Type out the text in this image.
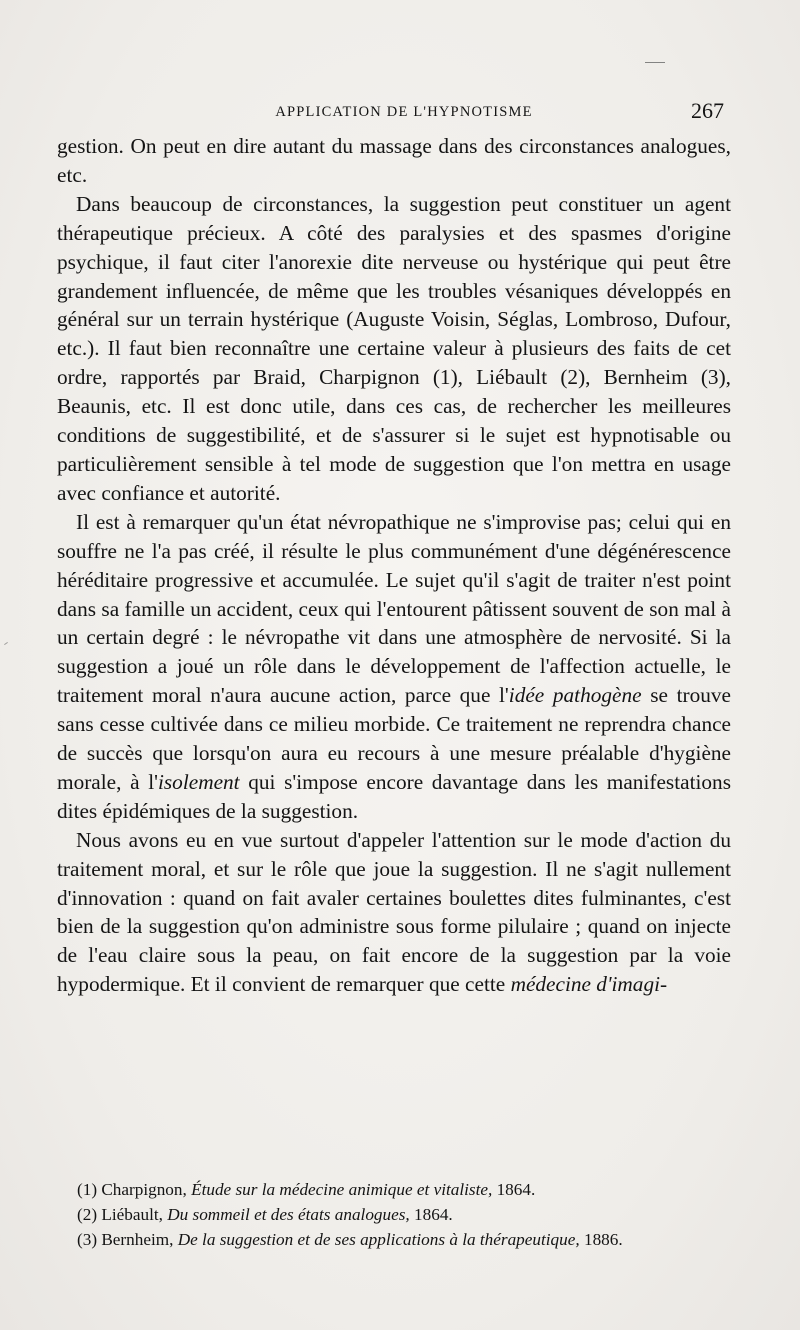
APPLICATION DE L'HYPNOTISME	267

gestion. On peut en dire autant du massage dans des circonstances analogues, etc.

Dans beaucoup de circonstances, la suggestion peut constituer un agent thérapeutique précieux. A côté des paralysies et des spasmes d'origine psychique, il faut citer l'anorexie dite nerveuse ou hystérique qui peut être grandement influencée, de même que les troubles vésaniques développés en général sur un terrain hystérique (Auguste Voisin, Séglas, Lombroso, Dufour, etc.). Il faut bien reconnaître une certaine valeur à plusieurs des faits de cet ordre, rapportés par Braid, Charpignon (1), Liébault (2), Bernheim (3), Beaunis, etc. Il est donc utile, dans ces cas, de rechercher les meilleures conditions de suggestibilité, et de s'assurer si le sujet est hypnotisable ou particulièrement sensible à tel mode de suggestion que l'on mettra en usage avec confiance et autorité.

Il est à remarquer qu'un état névropathique ne s'improvise pas; celui qui en souffre ne l'a pas créé, il résulte le plus communément d'une dégénérescence héréditaire progressive et accumulée. Le sujet qu'il s'agit de traiter n'est point dans sa famille un accident, ceux qui l'entourent pâtissent souvent de son mal à un certain degré : le névropathe vit dans une atmosphère de nervosité. Si la suggestion a joué un rôle dans le développement de l'affection actuelle, le traitement moral n'aura aucune action, parce que l'idée pathogène se trouve sans cesse cultivée dans ce milieu morbide. Ce traitement ne reprendra chance de succès que lorsqu'on aura eu recours à une mesure préalable d'hygiène morale, à l'isolement qui s'impose encore davantage dans les manifestations dites épidémiques de la suggestion.

Nous avons eu en vue surtout d'appeler l'attention sur le mode d'action du traitement moral, et sur le rôle que joue la suggestion. Il ne s'agit nullement d'innovation : quand on fait avaler certaines boulettes dites fulminantes, c'est bien de la suggestion qu'on administre sous forme pilulaire ; quand on injecte de l'eau claire sous la peau, on fait encore de la suggestion par la voie hypodermique. Et il convient de remarquer que cette médecine d'imagi-

(1) Charpignon, Étude sur la médecine animique et vitaliste, 1864.

(2) Liébault, Du sommeil et des états analogues, 1864.

(3) Bernheim, De la suggestion et de ses applications à la thérapeutique, 1886.
